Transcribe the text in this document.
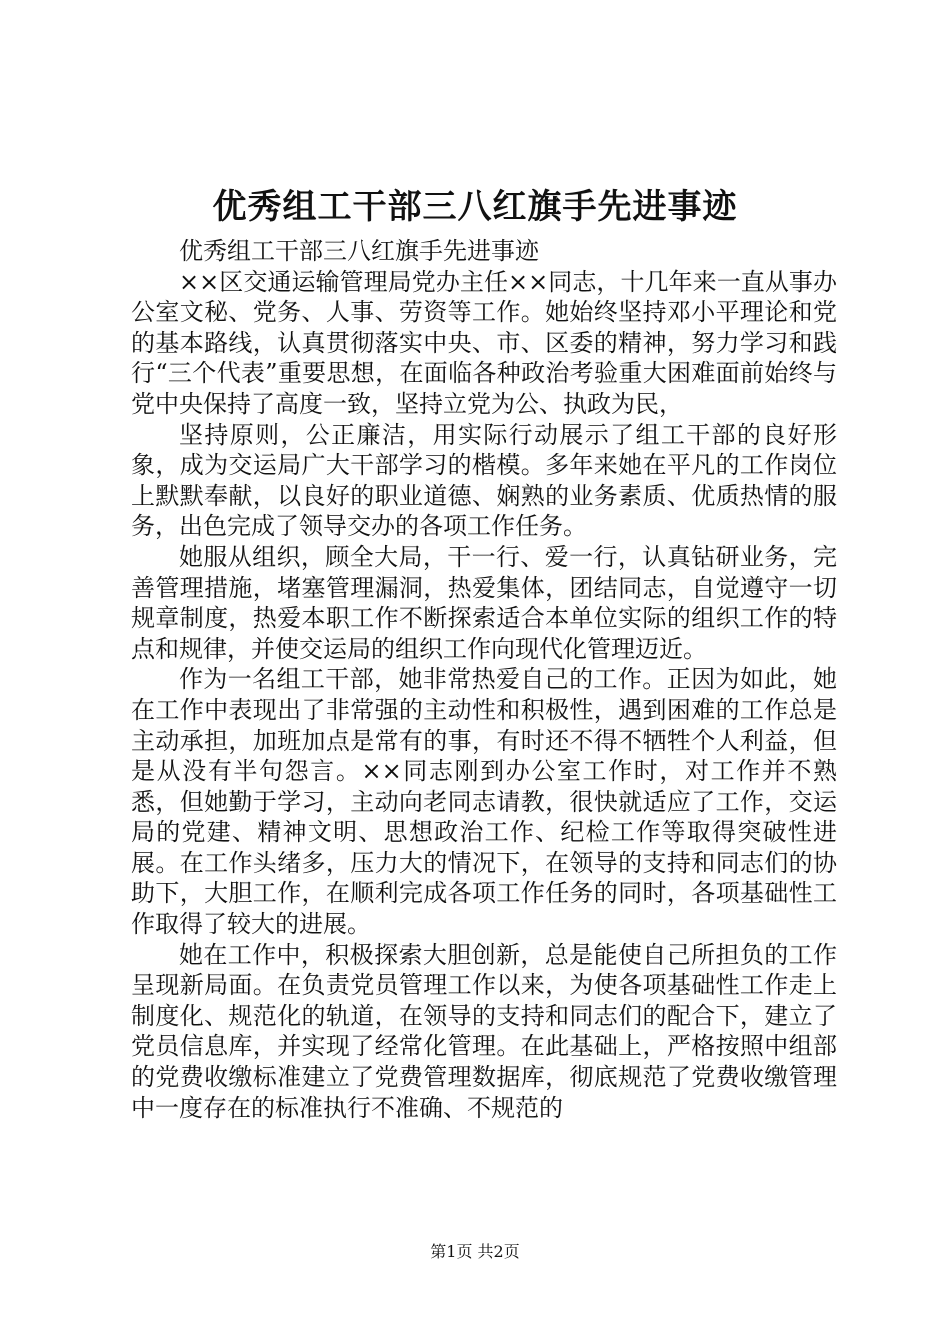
优秀组工干部三八红旗手先进事迹

优秀组工干部三八红旗手先进事迹

××区交通运输管理局党办主任××同志，十几年来一直从事办公室文秘、党务、人事、劳资等工作。她始终坚持邓小平理论和党的基本路线，认真贯彻落实中央、市、区委的精神，努力学习和践行“三个代表”重要思想，在面临各种政治考验重大困难面前始终与党中央保持了高度一致，坚持立党为公、执政为民，

坚持原则，公正廉洁，用实际行动展示了组工干部的良好形象，成为交运局广大干部学习的楷模。多年来她在平凡的工作岗位上默默奉献，以良好的职业道德、娴熟的业务素质、优质热情的服务，出色完成了领导交办的各项工作任务。

她服从组织，顾全大局，干一行、爱一行，认真钻研业务，完善管理措施，堵塞管理漏洞，热爱集体，团结同志，自觉遵守一切规章制度，热爱本职工作不断探索适合本单位实际的组织工作的特点和规律，并使交运局的组织工作向现代化管理迈近。

作为一名组工干部，她非常热爱自己的工作。正因为如此，她在工作中表现出了非常强的主动性和积极性，遇到困难的工作总是主动承担，加班加点是常有的事，有时还不得不牺牲个人利益，但是从没有半句怨言。××同志刚到办公室工作时，对工作并不熟悉，但她勤于学习，主动向老同志请教，很快就适应了工作，交运局的党建、精神文明、思想政治工作、纪检工作等取得突破性进展。在工作头绪多，压力大的情况下，在领导的支持和同志们的协助下，大胆工作，在顺利完成各项工作任务的同时，各项基础性工作取得了较大的进展。

她在工作中，积极探索大胆创新，总是能使自己所担负的工作呈现新局面。在负责党员管理工作以来，为使各项基础性工作走上制度化、规范化的轨道，在领导的支持和同志们的配合下，建立了党员信息库，并实现了经常化管理。在此基础上，严格按照中组部的党费收缴标准建立了党费管理数据库，彻底规范了党费收缴管理中一度存在的标准执行不准确、不规范的

第1页 共2页
